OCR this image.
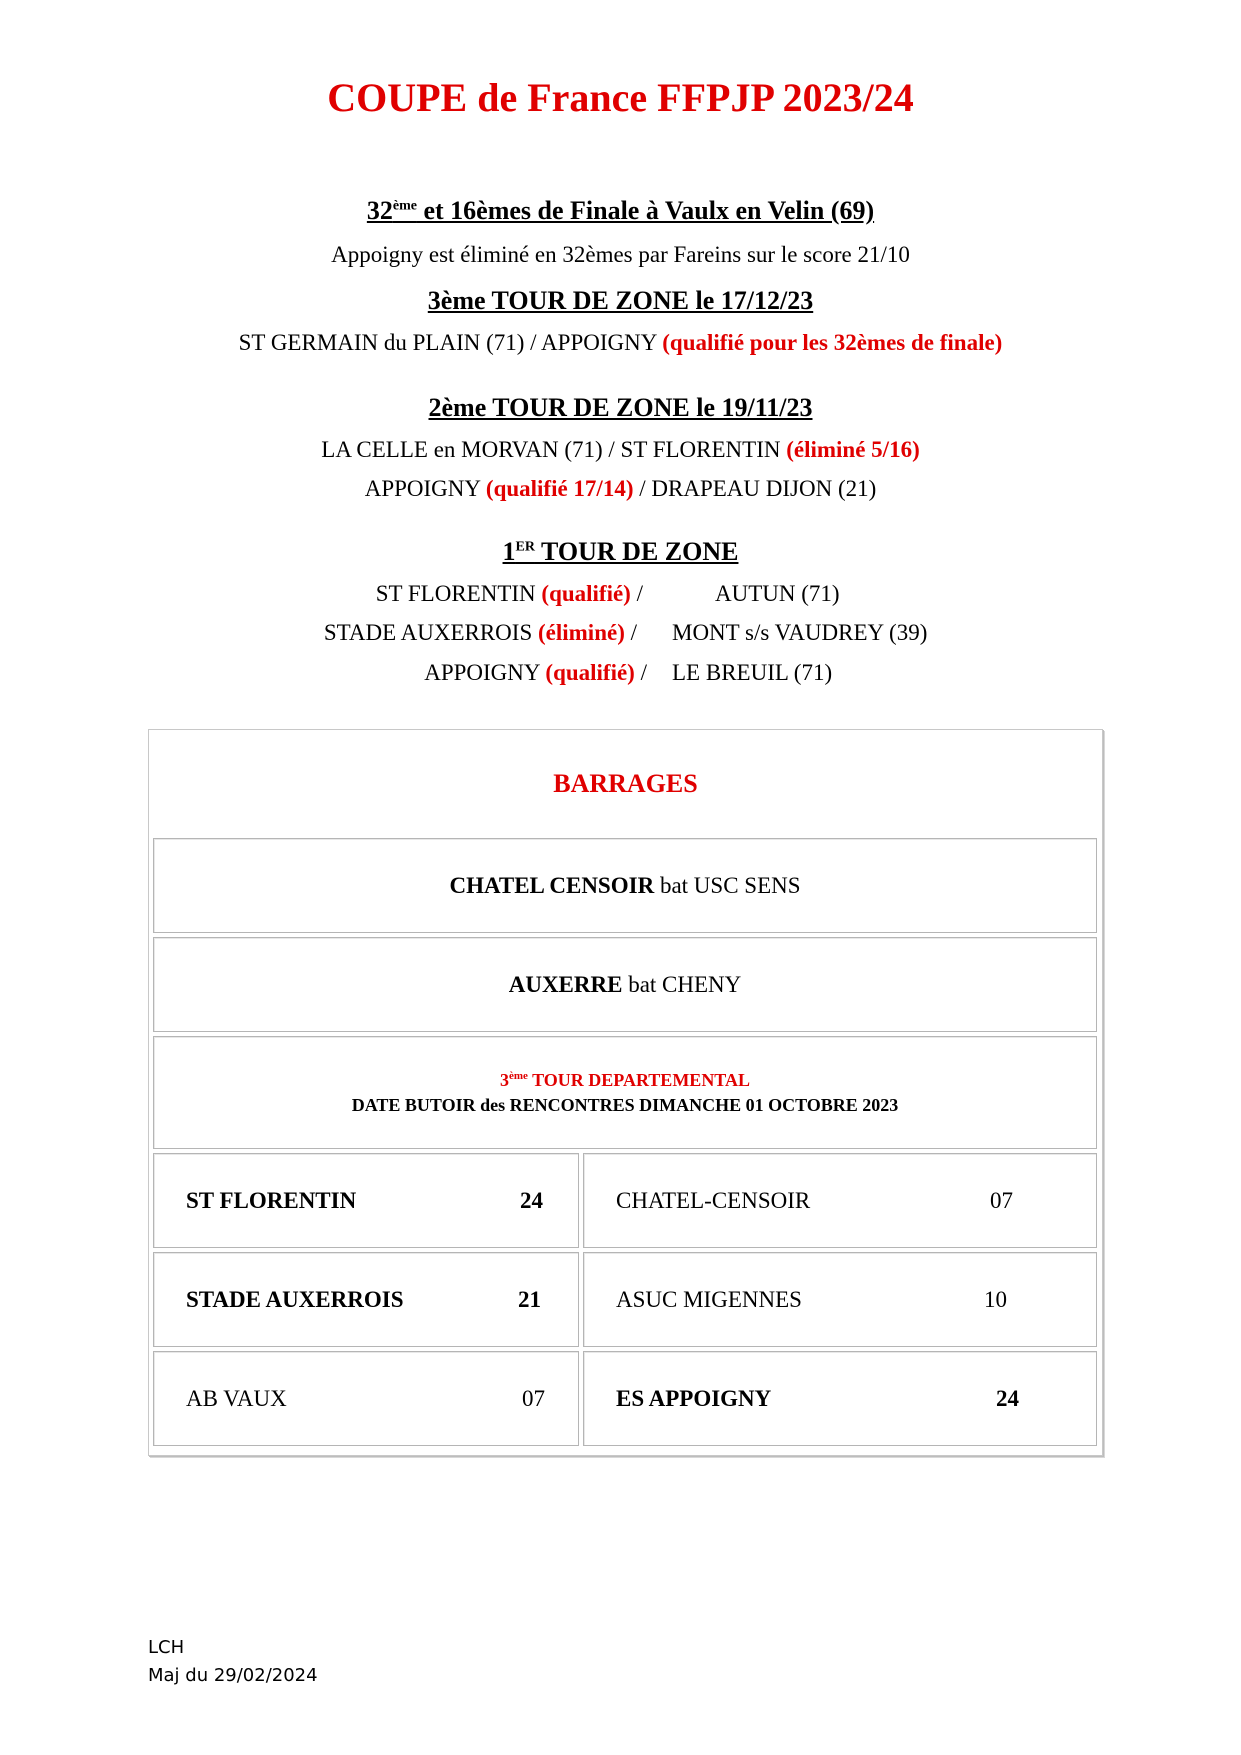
COUPE de France FFPJP 2023/24
32ème et 16èmes de Finale à Vaulx en Velin (69)
Appoigny est éliminé en 32èmes par Fareins sur le score 21/10
3ème TOUR DE ZONE le 17/12/23
ST GERMAIN du PLAIN (71) / APPOIGNY (qualifié pour les 32èmes de finale)
2ème TOUR DE ZONE le 19/11/23
LA CELLE en MORVAN (71) / ST FLORENTIN (éliminé 5/16)
APPOIGNY (qualifié 17/14) / DRAPEAU DIJON (21)
1ER TOUR DE ZONE
ST FLORENTIN (qualifié) /	AUTUN (71)
STADE AUXERROIS (éliminé) / MONT s/s VAUDREY (39)
APPOIGNY (qualifié) / LE BREUIL (71)
BARRAGES
CHATEL CENSOIR bat USC SENS
AUXERRE bat CHENY
3ème TOUR DEPARTEMENTAL
DATE BUTOIR des RENCONTRES DIMANCHE 01 OCTOBRE 2023
ST FLORENTIN	24	CHATEL-CENSOIR	07
STADE AUXERROIS	21	ASUC MIGENNES	10
AB VAUX	07	ES APPOIGNY	24
LCH
Maj du 29/02/2024
